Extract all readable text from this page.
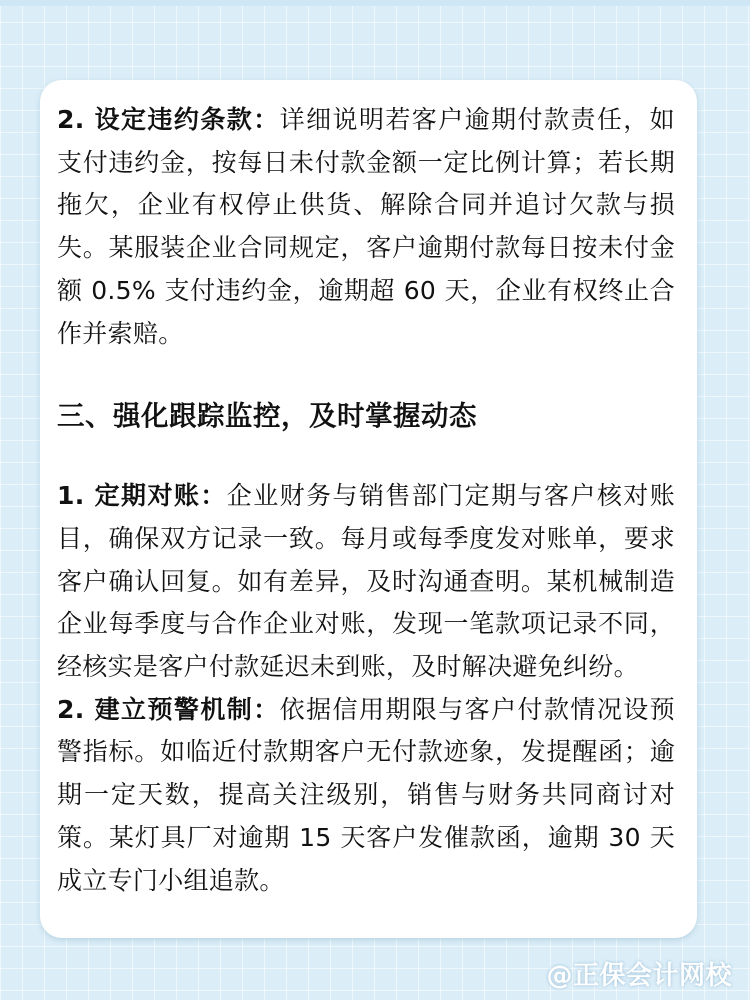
2. 设定违约条款：详细说明若客户逾期付款责任，如支付违约金，按每日未付款金额一定比例计算；若长期拖欠，企业有权停止供货、解除合同并追讨欠款与损失。某服装企业合同规定，客户逾期付款每日按未付金额 0.5% 支付违约金，逾期超 60 天，企业有权终止合作并索赔。

三、强化跟踪监控，及时掌握动态

1. 定期对账：企业财务与销售部门定期与客户核对账目，确保双方记录一致。每月或每季度发对账单，要求客户确认回复。如有差异，及时沟通查明。某机械制造企业每季度与合作企业对账，发现一笔款项记录不同，经核实是客户付款延迟未到账，及时解决避免纠纷。

2. 建立预警机制：依据信用期限与客户付款情况设预警指标。如临近付款期客户无付款迹象，发提醒函；逾期一定天数，提高关注级别，销售与财务共同商讨对策。某灯具厂对逾期 15 天客户发催款函，逾期 30 天成立专门小组追款。

@正保会计网校
